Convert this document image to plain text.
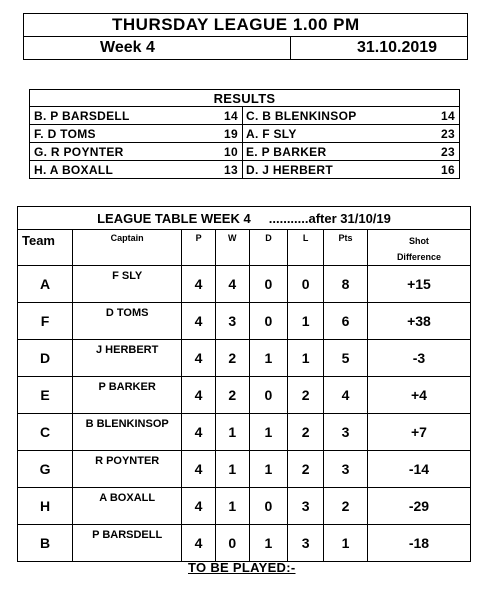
THURSDAY LEAGUE 1.00 PM
Week 4	31.10.2019
RESULTS			
B. P BARSDELL	14	C. B BLENKINSOP	14
F. D TOMS	19	A. F SLY	23
G. R POYNTER	10	E. P BARKER	23
H. A BOXALL	13	D. J HERBERT	16
LEAGUE TABLE WEEK 4     ...........after 31/10/19							
Team	Captain	P	W	D	L	Pts	Shot Difference
A	F SLY	4	4	0	0	8	+15
F	D TOMS	4	3	0	1	6	+38
D	J HERBERT	4	2	1	1	5	-3
E	P BARKER	4	2	0	2	4	+4
C	B BLENKINSOP	4	1	1	2	3	+7
G	R POYNTER	4	1	1	2	3	-14
H	A BOXALL	4	1	0	3	2	-29
B	P BARSDELL	4	0	1	3	1	-18
TO BE PLAYED:-
